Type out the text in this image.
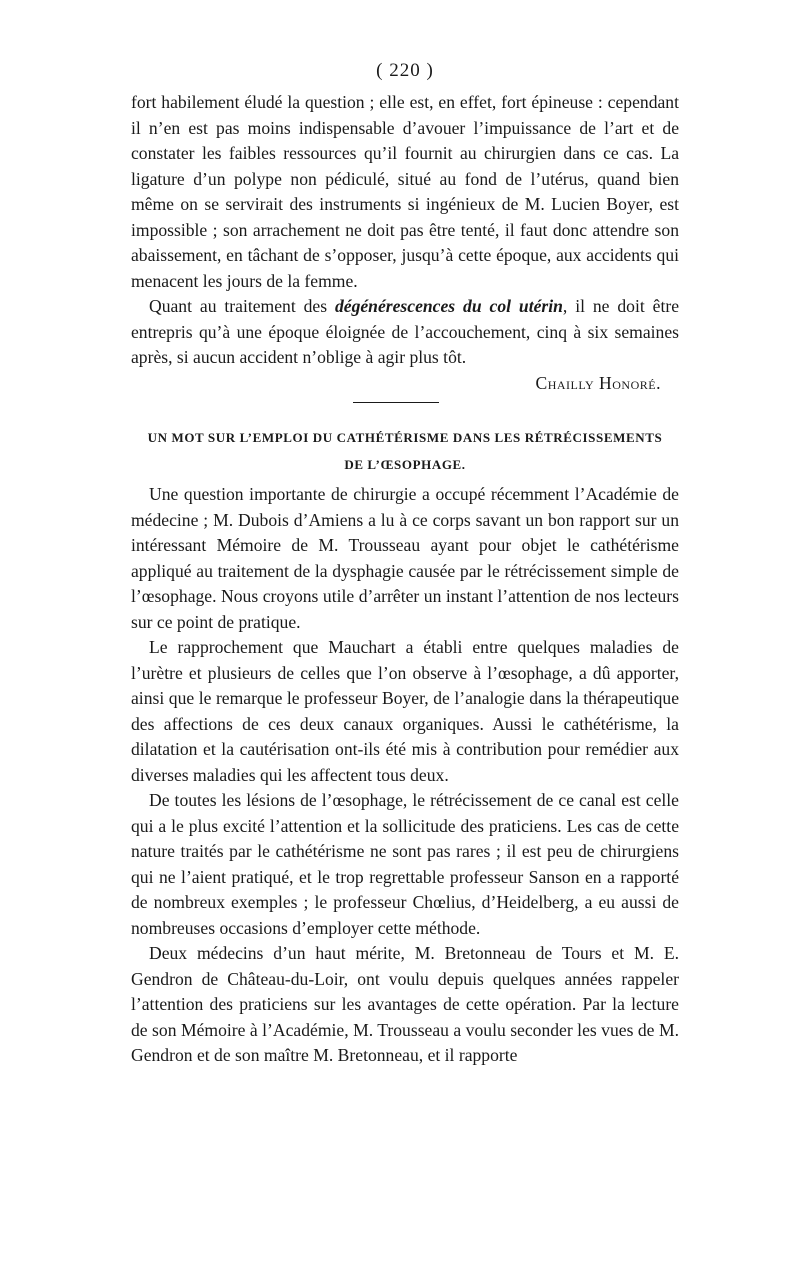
( 220 )

fort habilement éludé la question ; elle est, en effet, fort épineuse : cependant il n’en est pas moins indispensable d’avouer l’impuissance de l’art et de constater les faibles ressources qu’il fournit au chirurgien dans ce cas. La ligature d’un polype non pédiculé, situé au fond de l’utérus, quand bien même on se servirait des instruments si ingénieux de M. Lucien Boyer, est impossible ; son arrachement ne doit pas être tenté, il faut donc attendre son abaissement, en tâchant de s’opposer, jusqu’à cette époque, aux accidents qui menacent les jours de la femme.

Quant au traitement des dégénérescences du col utérin, il ne doit être entrepris qu’à une époque éloignée de l’accouchement, cinq à six semaines après, si aucun accident n’oblige à agir plus tôt.

Chailly Honoré.

UN MOT SUR L’EMPLOI DU CATHÉTÉRISME DANS LES RÉTRÉCISSEMENTS
DE L’ŒSOPHAGE.

Une question importante de chirurgie a occupé récemment l’Académie de médecine ; M. Dubois d’Amiens a lu à ce corps savant un bon rapport sur un intéressant Mémoire de M. Trousseau ayant pour objet le cathétérisme appliqué au traitement de la dysphagie causée par le rétrécissement simple de l’œsophage. Nous croyons utile d’arrêter un instant l’attention de nos lecteurs sur ce point de pratique.

Le rapprochement que Mauchart a établi entre quelques maladies de l’urètre et plusieurs de celles que l’on observe à l’œsophage, a dû apporter, ainsi que le remarque le professeur Boyer, de l’analogie dans la thérapeutique des affections de ces deux canaux organiques. Aussi le cathétérisme, la dilatation et la cautérisation ont-ils été mis à contribution pour remédier aux diverses maladies qui les affectent tous deux.

De toutes les lésions de l’œsophage, le rétrécissement de ce canal est celle qui a le plus excité l’attention et la sollicitude des praticiens. Les cas de cette nature traités par le cathétérisme ne sont pas rares ; il est peu de chirurgiens qui ne l’aient pratiqué, et le trop regrettable professeur Sanson en a rapporté de nombreux exemples ; le professeur Chœlius, d’Heidelberg, a eu aussi de nombreuses occasions d’employer cette méthode.

Deux médecins d’un haut mérite, M. Bretonneau de Tours et M. E. Gendron de Château-du-Loir, ont voulu depuis quelques années rappeler l’attention des praticiens sur les avantages de cette opération. Par la lecture de son Mémoire à l’Académie, M. Trousseau a voulu seconder les vues de M. Gendron et de son maître M. Bretonneau, et il rapporte
